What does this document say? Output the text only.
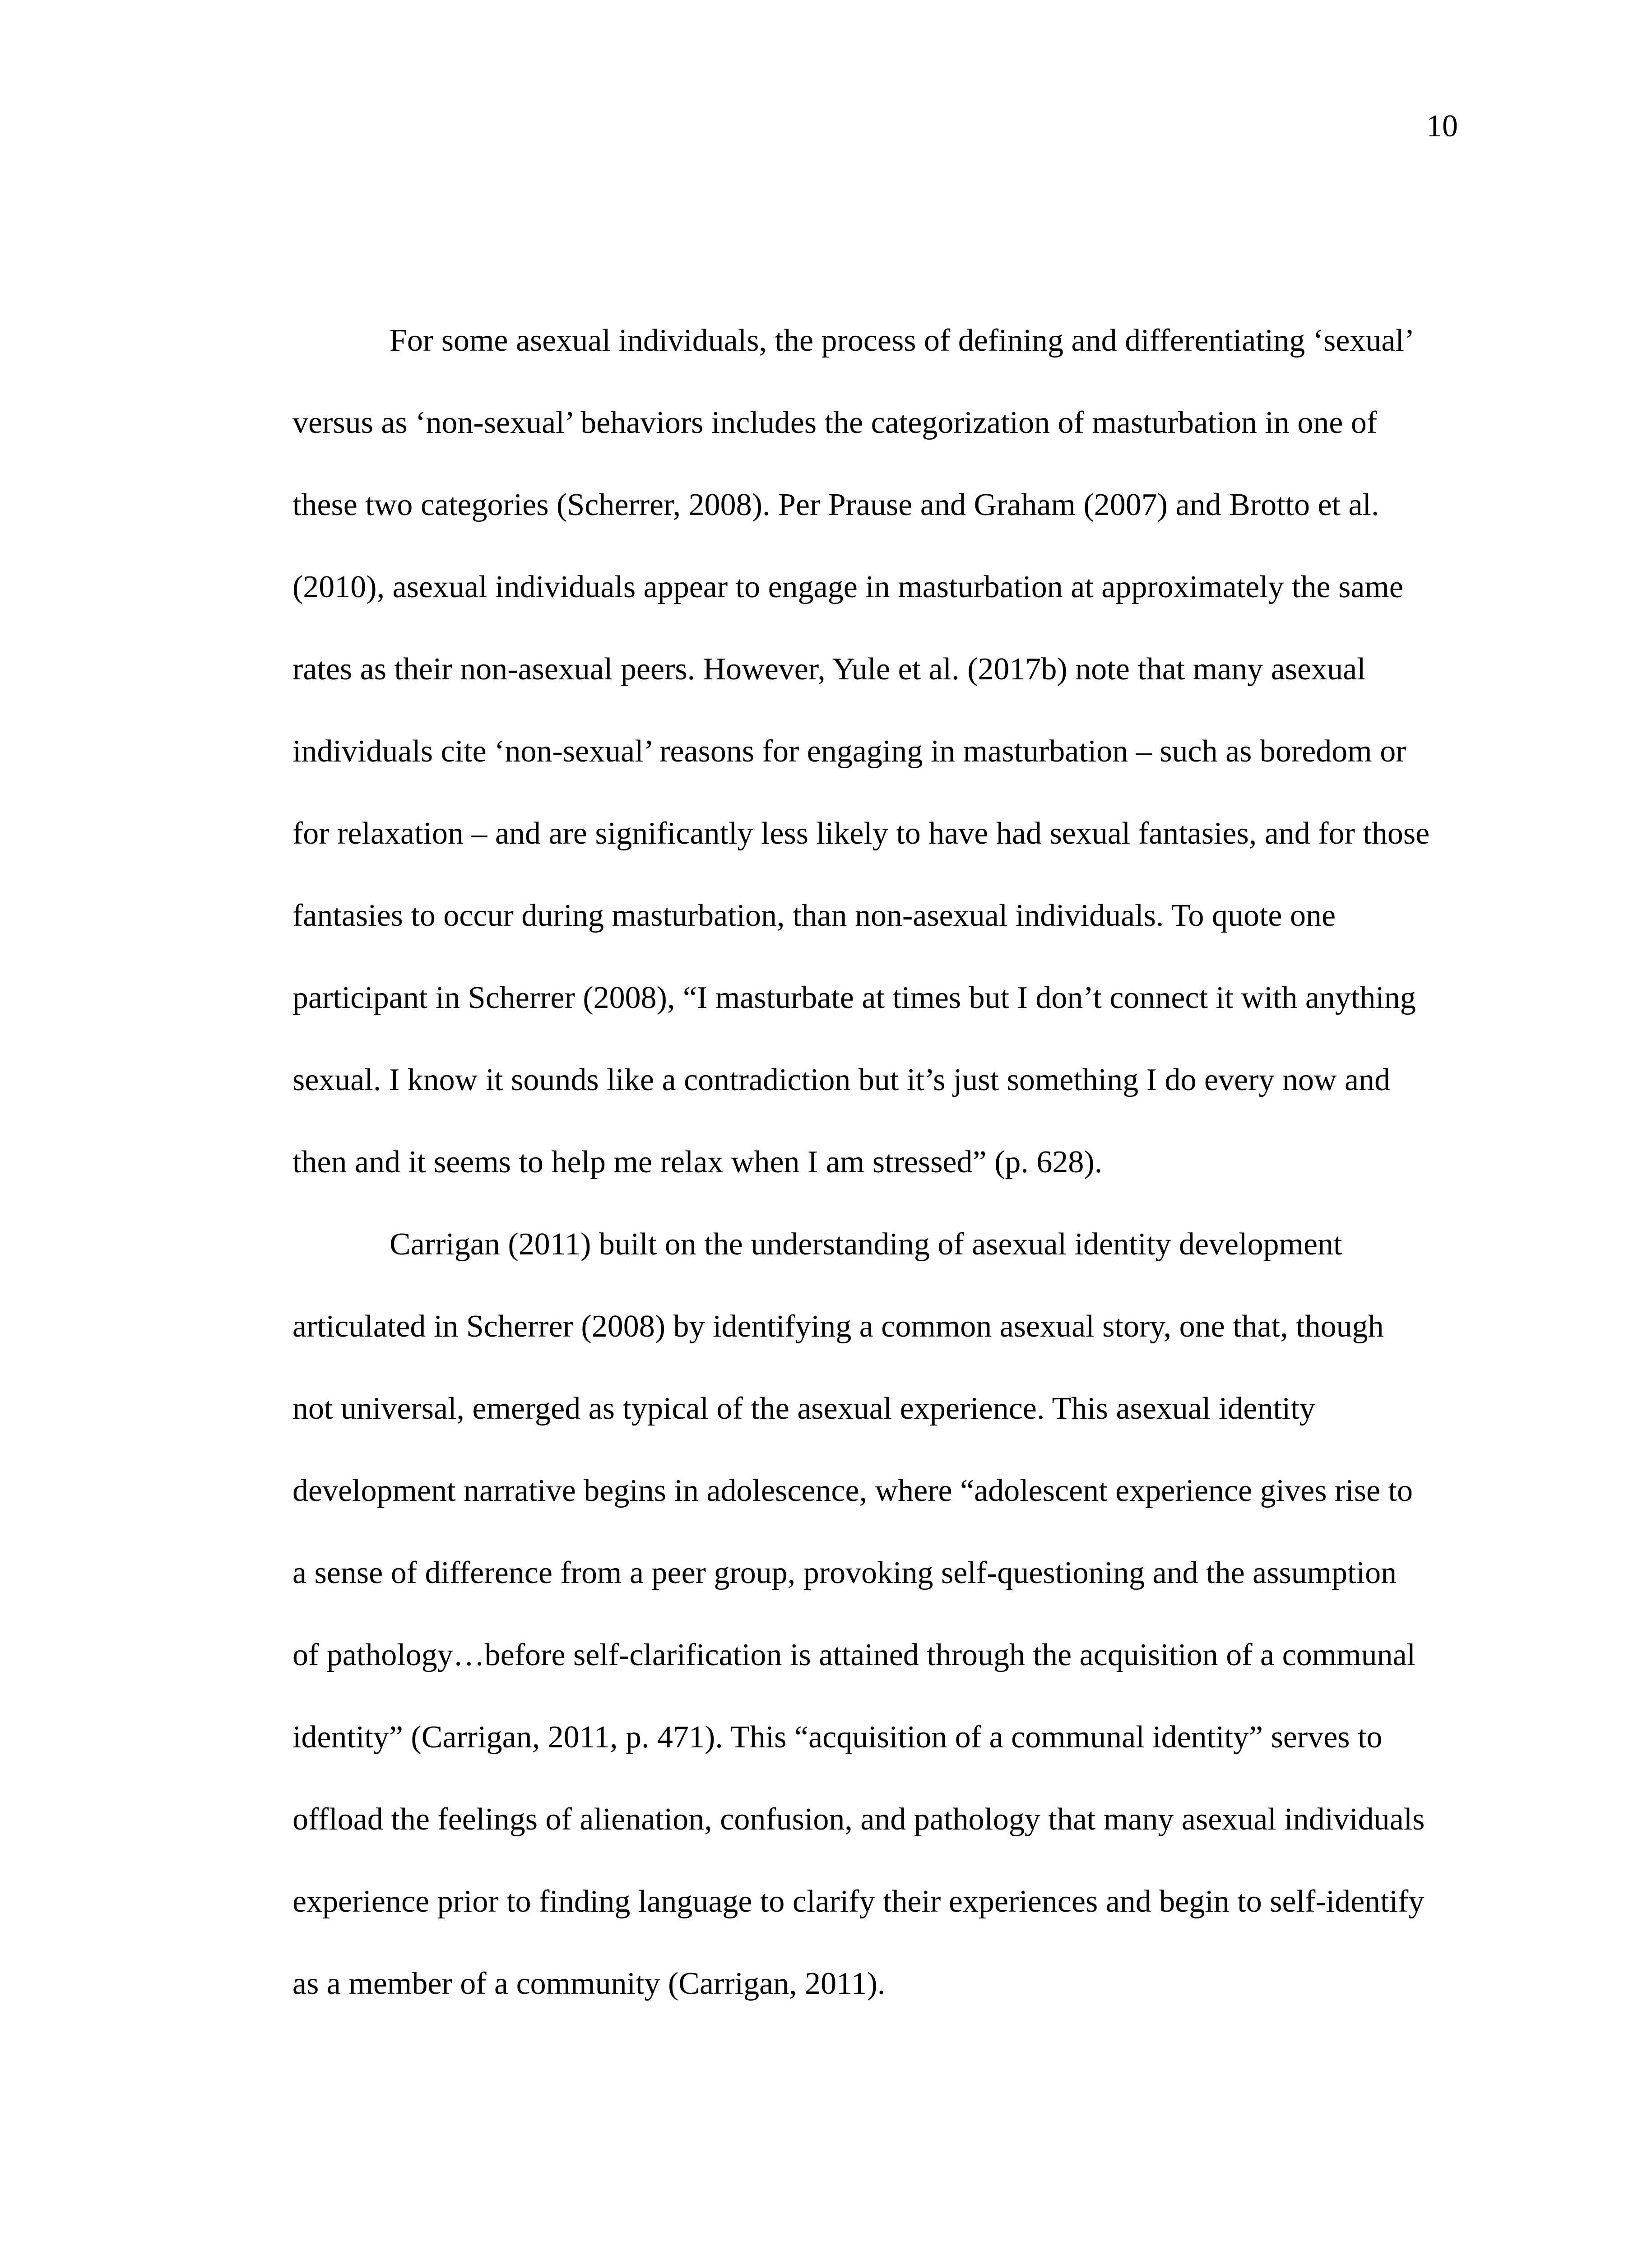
10
For some asexual individuals, the process of defining and differentiating ‘sexual’
versus as ‘non-sexual’ behaviors includes the categorization of masturbation in one of
these two categories (Scherrer, 2008). Per Prause and Graham (2007) and Brotto et al.
(2010), asexual individuals appear to engage in masturbation at approximately the same
rates as their non-asexual peers. However, Yule et al. (2017b) note that many asexual
individuals cite ‘non-sexual’ reasons for engaging in masturbation – such as boredom or
for relaxation – and are significantly less likely to have had sexual fantasies, and for those
fantasies to occur during masturbation, than non-asexual individuals. To quote one
participant in Scherrer (2008), “I masturbate at times but I don’t connect it with anything
sexual. I know it sounds like a contradiction but it’s just something I do every now and
then and it seems to help me relax when I am stressed” (p. 628).
Carrigan (2011) built on the understanding of asexual identity development
articulated in Scherrer (2008) by identifying a common asexual story, one that, though
not universal, emerged as typical of the asexual experience. This asexual identity
development narrative begins in adolescence, where “adolescent experience gives rise to
a sense of difference from a peer group, provoking self-questioning and the assumption
of pathology…before self-clarification is attained through the acquisition of a communal
identity” (Carrigan, 2011, p. 471). This “acquisition of a communal identity” serves to
offload the feelings of alienation, confusion, and pathology that many asexual individuals
experience prior to finding language to clarify their experiences and begin to self-identify
as a member of a community (Carrigan, 2011).
